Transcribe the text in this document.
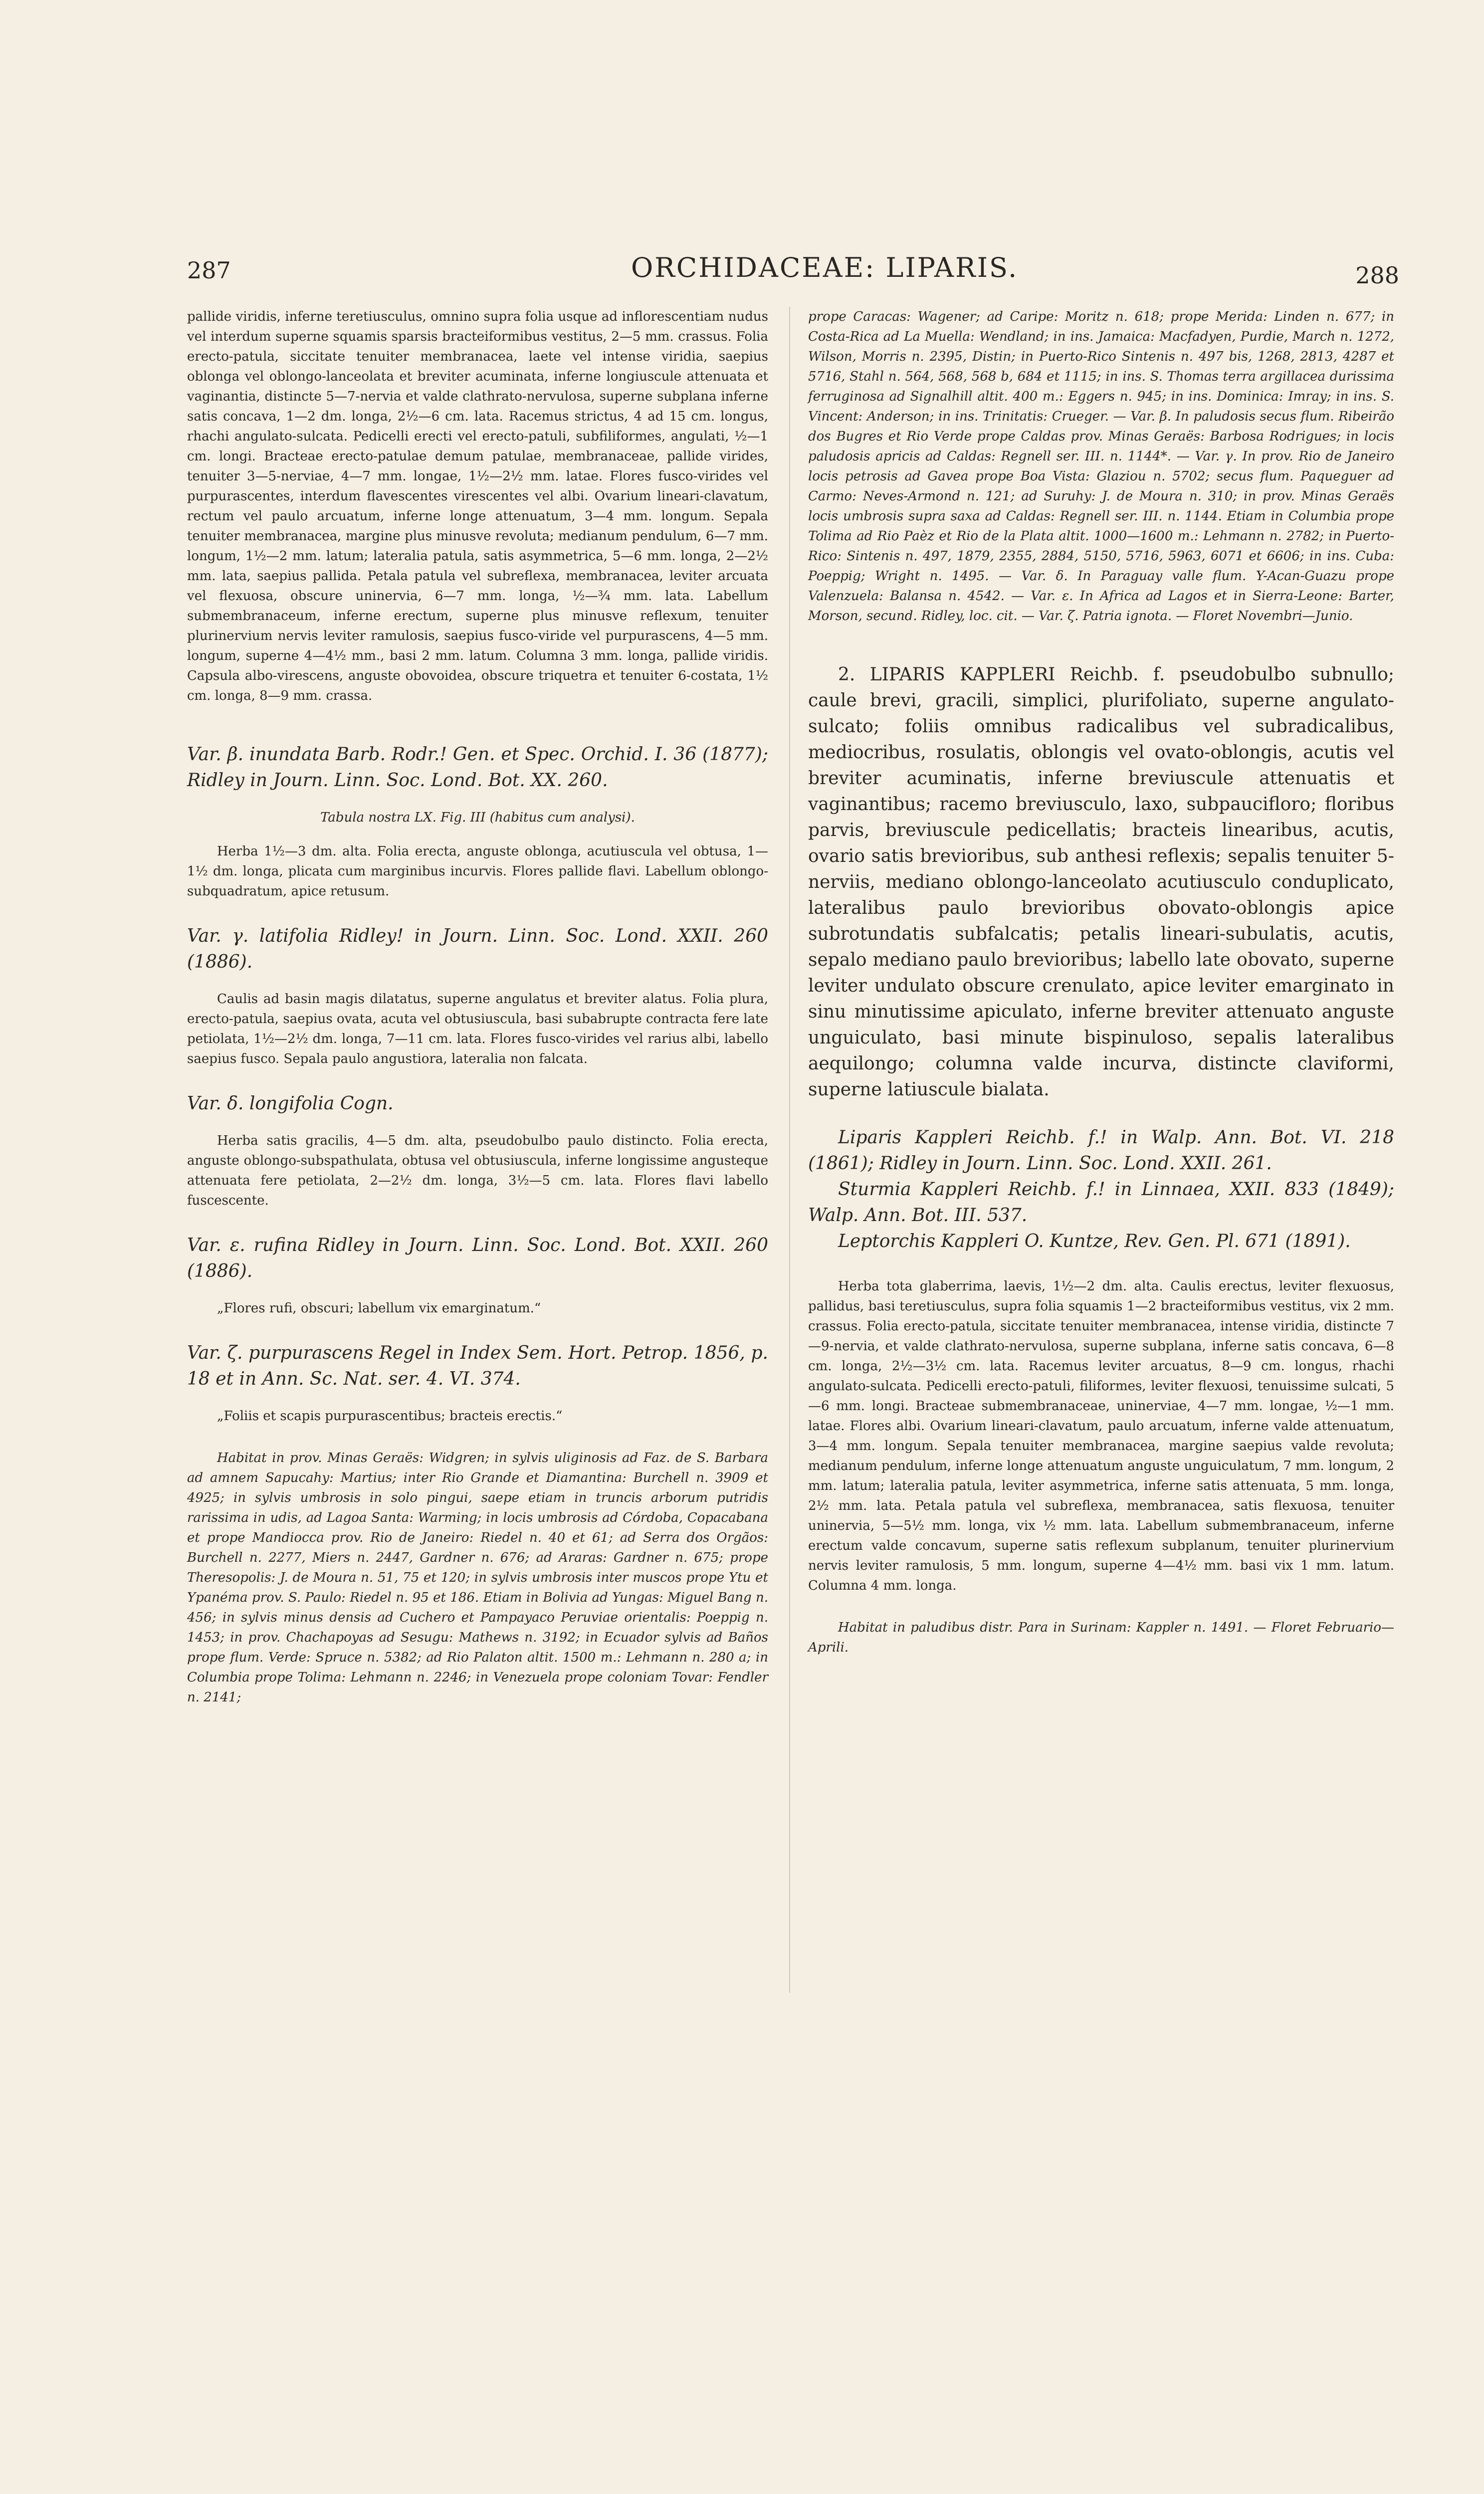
287	ORCHIDACEAE: LIPARIS.	288

pallide viridis, inferne teretiusculus, omnino supra folia usque ad inflorescentiam nudus vel interdum superne squamis sparsis bracteiformibus vestitus, 2—5 mm. crassus. Folia erecto-patula, siccitate tenuiter membranacea, laete vel intense viridia, saepius oblonga vel oblongo-lanceolata et breviter acuminata, inferne longiuscule attenuata et vaginantia, distincte 5—7-nervia et valde clathrato-nervulosa, superne subplana inferne satis concava, 1—2 dm. longa, 2½—6 cm. lata. Racemus strictus, 4 ad 15 cm. longus, rhachi angulato-sulcata. Pedicelli erecti vel erecto-patuli, subfiliformes, angulati, ½—1 cm. longi. Bracteae erecto-patulae demum patulae, membranaceae, pallide virides, tenuiter 3—5-nerviae, 4—7 mm. longae, 1½—2½ mm. latae. Flores fusco-virides vel purpurascentes, interdum flavescentes virescentes vel albi. Ovarium lineari-clavatum, rectum vel paulo arcuatum, inferne longe attenuatum, 3—4 mm. longum. Sepala tenuiter membranacea, margine plus minusve revoluta; medianum pendulum, 6—7 mm. longum, 1½—2 mm. latum; lateralia patula, satis asymmetrica, 5—6 mm. longa, 2—2½ mm. lata, saepius pallida. Petala patula vel subreflexa, membranacea, leviter arcuata vel flexuosa, obscure uninervia, 6—7 mm. longa, ½—¾ mm. lata. Labellum submembranaceum, inferne erectum, superne plus minusve reflexum, tenuiter plurinervium nervis leviter ramulosis, saepius fusco-viride vel purpurascens, 4—5 mm. longum, superne 4—4½ mm., basi 2 mm. latum. Columna 3 mm. longa, pallide viridis. Capsula albo-virescens, anguste obovoidea, obscure triquetra et tenuiter 6-costata, 1½ cm. longa, 8—9 mm. crassa.

Var. β. inundata Barb. Rodr.! Gen. et Spec. Orchid. I. 36 (1877); Ridley in Journ. Linn. Soc. Lond. Bot. XX. 260.

Tabula nostra LX. Fig. III (habitus cum analysi).

Herba 1½—3 dm. alta. Folia erecta, anguste oblonga, acutiuscula vel obtusa, 1—1½ dm. longa, plicata cum marginibus incurvis. Flores pallide flavi. Labellum oblongo-subquadratum, apice retusum.

Var. γ. latifolia Ridley! in Journ. Linn. Soc. Lond. XXII. 260 (1886).

Caulis ad basin magis dilatatus, superne angulatus et breviter alatus. Folia plura, erecto-patula, saepius ovata, acuta vel obtusiuscula, basi subabrupte contracta fere late petiolata, 1½—2½ dm. longa, 7—11 cm. lata. Flores fusco-virides vel rarius albi, labello saepius fusco. Sepala paulo angustiora, lateralia non falcata.

Var. δ. longifolia Cogn.

Herba satis gracilis, 4—5 dm. alta, pseudobulbo paulo distincto. Folia erecta, anguste oblongo-subspathulata, obtusa vel obtusiuscula, inferne longissime angusteque attenuata fere petiolata, 2—2½ dm. longa, 3½—5 cm. lata. Flores flavi labello fuscescente.

Var. ε. rufina Ridley in Journ. Linn. Soc. Lond. Bot. XXII. 260 (1886).

„Flores rufi, obscuri; labellum vix emarginatum.“

Var. ζ. purpurascens Regel in Index Sem. Hort. Petrop. 1856, p. 18 et in Ann. Sc. Nat. ser. 4. VI. 374.

„Foliis et scapis purpurascentibus; bracteis erectis.“

Habitat in prov. Minas Geraës: Widgren; in sylvis uliginosis ad Faz. de S. Barbara ad amnem Sapucahy: Martius; inter Rio Grande et Diamantina: Burchell n. 3909 et 4925; in sylvis umbrosis in solo pingui, saepe etiam in truncis arborum putridis rarissima in udis, ad Lagoa Santa: Warming; in locis umbrosis ad Córdoba, Copacabana et prope Mandiocca prov. Rio de Janeiro: Riedel n. 40 et 61; ad Serra dos Orgãos: Burchell n. 2277, Miers n. 2447, Gardner n. 676; ad Araras: Gardner n. 675; prope Theresopolis: J. de Moura n. 51, 75 et 120; in sylvis umbrosis inter muscos prope Ytu et Ypanéma prov. S. Paulo: Riedel n. 95 et 186. Etiam in Bolivia ad Yungas: Miguel Bang n. 456; in sylvis minus densis ad Cuchero et Pampayaco Peruviae orientalis: Poeppig n. 1453; in prov. Chachapoyas ad Sesugu: Mathews n. 3192; in Ecuador sylvis ad Baños prope flum. Verde: Spruce n. 5382; ad Rio Palaton altit. 1500 m.: Lehmann n. 280 a; in Columbia prope Tolima: Lehmann n. 2246; in Venezuela prope coloniam Tovar: Fendler n. 2141;

prope Caracas: Wagener; ad Caripe: Moritz n. 618; prope Merida: Linden n. 677; in Costa-Rica ad La Muella: Wendland; in ins. Jamaica: Macfadyen, Purdie, March n. 1272, Wilson, Morris n. 2395, Distin; in Puerto-Rico Sintenis n. 497 bis, 1268, 2813, 4287 et 5716, Stahl n. 564, 568, 568 b, 684 et 1115; in ins. S. Thomas terra argillacea durissima ferruginosa ad Signalhill altit. 400 m.: Eggers n. 945; in ins. Dominica: Imray; in ins. S. Vincent: Anderson; in ins. Trinitatis: Crueger. — Var. β. In paludosis secus flum. Ribeirão dos Bugres et Rio Verde prope Caldas prov. Minas Geraës: Barbosa Rodrigues; in locis paludosis apricis ad Caldas: Regnell ser. III. n. 1144*. — Var. γ. In prov. Rio de Janeiro locis petrosis ad Gavea prope Boa Vista: Glaziou n. 5702; secus flum. Paqueguer ad Carmo: Neves-Armond n. 121; ad Suruhy: J. de Moura n. 310; in prov. Minas Geraës locis umbrosis supra saxa ad Caldas: Regnell ser. III. n. 1144. Etiam in Columbia prope Tolima ad Rio Paèz et Rio de la Plata altit. 1000—1600 m.: Lehmann n. 2782; in Puerto-Rico: Sintenis n. 497, 1879, 2355, 2884, 5150, 5716, 5963, 6071 et 6606; in ins. Cuba: Poeppig; Wright n. 1495. — Var. δ. In Paraguay valle flum. Y-Acan-Guazu prope Valenzuela: Balansa n. 4542. — Var. ε. In Africa ad Lagos et in Sierra-Leone: Barter, Morson, secund. Ridley, loc. cit. — Var. ζ. Patria ignota. — Floret Novembri—Junio.

2. LIPARIS KAPPLERI Reichb. f. pseudobulbo subnullo; caule brevi, gracili, simplici, plurifoliato, superne angulato-sulcato; foliis omnibus radicalibus vel subradicalibus, mediocribus, rosulatis, oblongis vel ovato-oblongis, acutis vel breviter acuminatis, inferne breviuscule attenuatis et vaginantibus; racemo breviusculo, laxo, subpaucifloro; floribus parvis, breviuscule pedicellatis; bracteis linearibus, acutis, ovario satis brevioribus, sub anthesi reflexis; sepalis tenuiter 5-nerviis, mediano oblongo-lanceolato acutiusculo conduplicato, lateralibus paulo brevioribus obovato-oblongis apice subrotundatis subfalcatis; petalis lineari-subulatis, acutis, sepalo mediano paulo brevioribus; labello late obovato, superne leviter undulato obscure crenulato, apice leviter emarginato in sinu minutissime apiculato, inferne breviter attenuato anguste unguiculato, basi minute bispinuloso, sepalis lateralibus aequilongo; columna valde incurva, distincte claviformi, superne latiuscule bialata.

Liparis Kappleri Reichb. f.! in Walp. Ann. Bot. VI. 218 (1861); Ridley in Journ. Linn. Soc. Lond. XXII. 261.

Sturmia Kappleri Reichb. f.! in Linnaea, XXII. 833 (1849); Walp. Ann. Bot. III. 537.

Leptorchis Kappleri O. Kuntze, Rev. Gen. Pl. 671 (1891).

Herba tota glaberrima, laevis, 1½—2 dm. alta. Caulis erectus, leviter flexuosus, pallidus, basi teretiusculus, supra folia squamis 1—2 bracteiformibus vestitus, vix 2 mm. crassus. Folia erecto-patula, siccitate tenuiter membranacea, intense viridia, distincte 7—9-nervia, et valde clathrato-nervulosa, superne subplana, inferne satis concava, 6—8 cm. longa, 2½—3½ cm. lata. Racemus leviter arcuatus, 8—9 cm. longus, rhachi angulato-sulcata. Pedicelli erecto-patuli, filiformes, leviter flexuosi, tenuissime sulcati, 5—6 mm. longi. Bracteae submembranaceae, uninerviae, 4—7 mm. longae, ½—1 mm. latae. Flores albi. Ovarium lineari-clavatum, paulo arcuatum, inferne valde attenuatum, 3—4 mm. longum. Sepala tenuiter membranacea, margine saepius valde revoluta; medianum pendulum, inferne longe attenuatum anguste unguiculatum, 7 mm. longum, 2 mm. latum; lateralia patula, leviter asymmetrica, inferne satis attenuata, 5 mm. longa, 2½ mm. lata. Petala patula vel subreflexa, membranacea, satis flexuosa, tenuiter uninervia, 5—5½ mm. longa, vix ½ mm. lata. Labellum submembranaceum, inferne erectum valde concavum, superne satis reflexum subplanum, tenuiter plurinervium nervis leviter ramulosis, 5 mm. longum, superne 4—4½ mm. basi vix 1 mm. latum. Columna 4 mm. longa.

Habitat in paludibus distr. Para in Surinam: Kappler n. 1491. — Floret Februario—Aprili.
